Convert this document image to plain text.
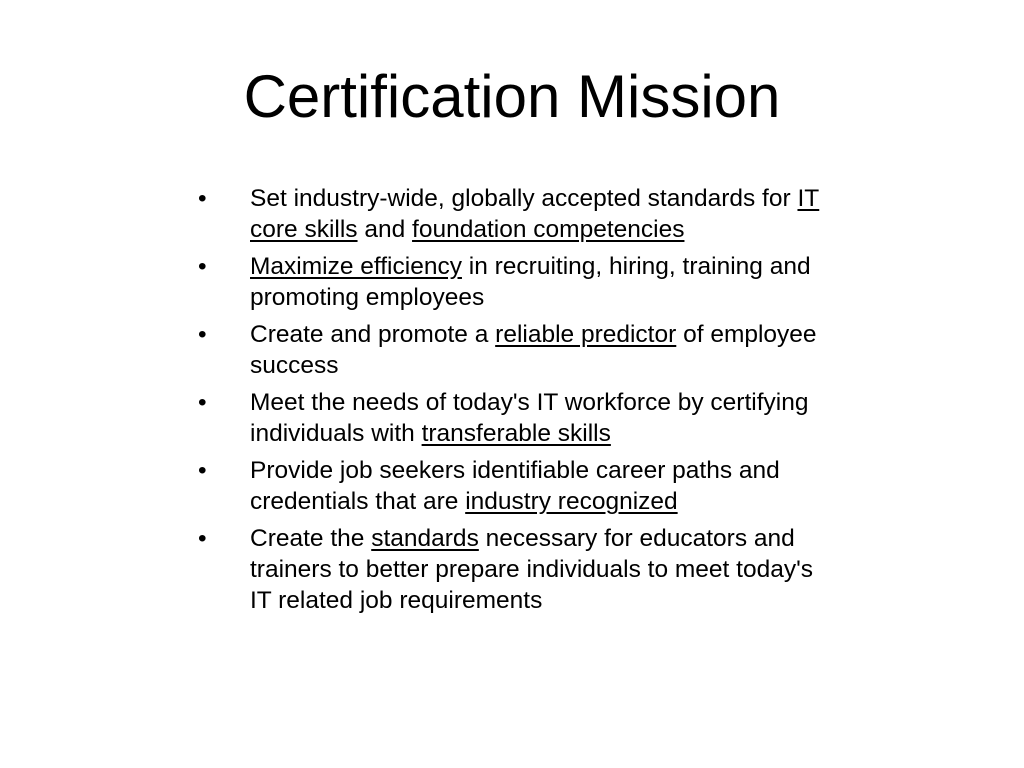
Certification Mission
• Set industry-wide, globally accepted standards for IT core skills and foundation competencies
• Maximize efficiency in recruiting, hiring, training and promoting employees
• Create and promote a reliable predictor of employee success
• Meet the needs of today's IT workforce by certifying individuals with transferable skills
• Provide job seekers identifiable career paths and credentials that are industry recognized
• Create the standards necessary for educators and trainers to better prepare individuals to meet today's IT related job requirements
